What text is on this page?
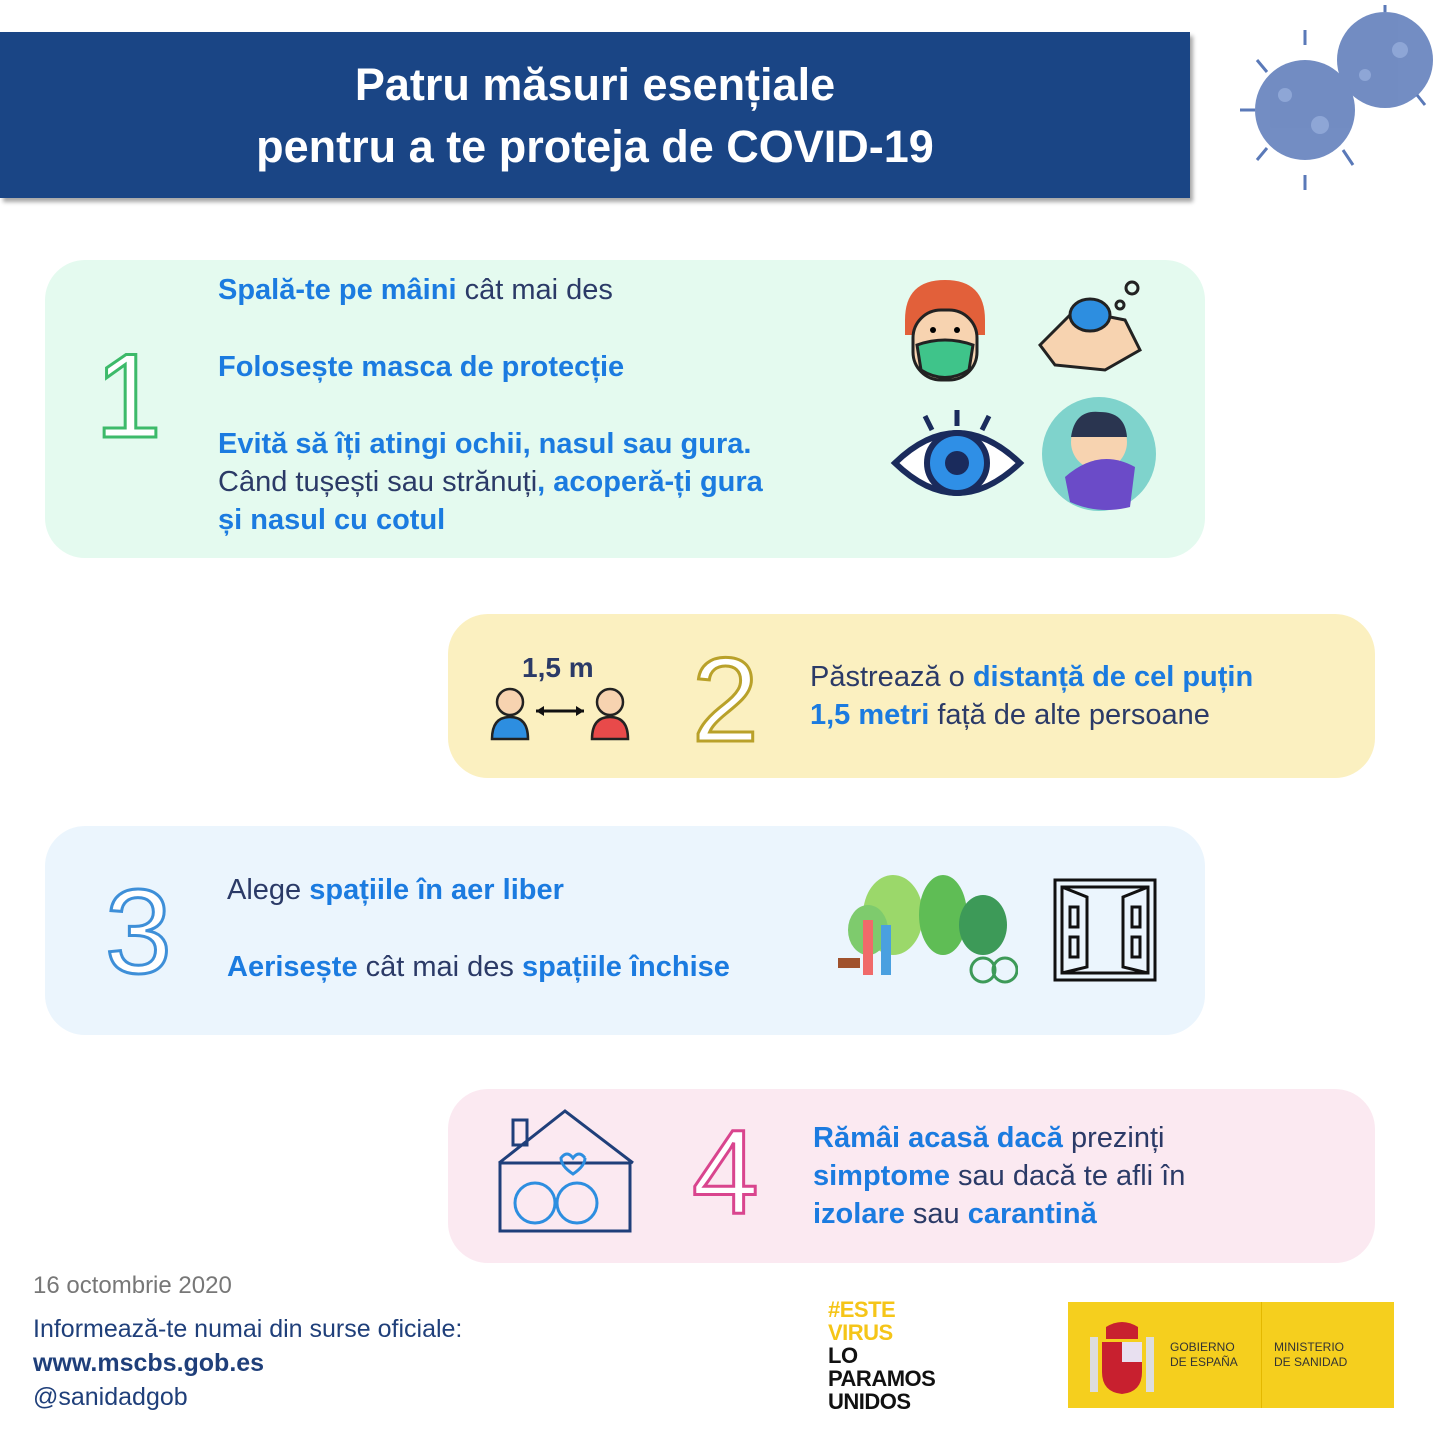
Patru măsuri esențiale
pentru a te proteja de COVID-19
1
Spală-te pe mâini cât mai des
Folosește masca de protecție
Evită să îți atingi ochii, nasul sau gura.
Când tușești sau strănuți, acoperă-ți gura
și nasul cu cotul
1,5 m 2 Păstrează o distanță de cel puțin
1,5 metri față de alte persoane
3 Alege spațiile în aer liber
Aerisește cât mai des spațiile închise
4 Rămâi acasă dacă prezinți
simptome sau dacă te afli în
izolare sau carantină
16 octombrie 2020
Informează-te numai din surse oficiale:
www.mscbs.gob.es
@sanidadgob
#ESTE
VIRUS
LO
PARAMOS
UNIDOS
GOBIERNO
DE ESPAÑA
MINISTERIO
DE SANIDAD
